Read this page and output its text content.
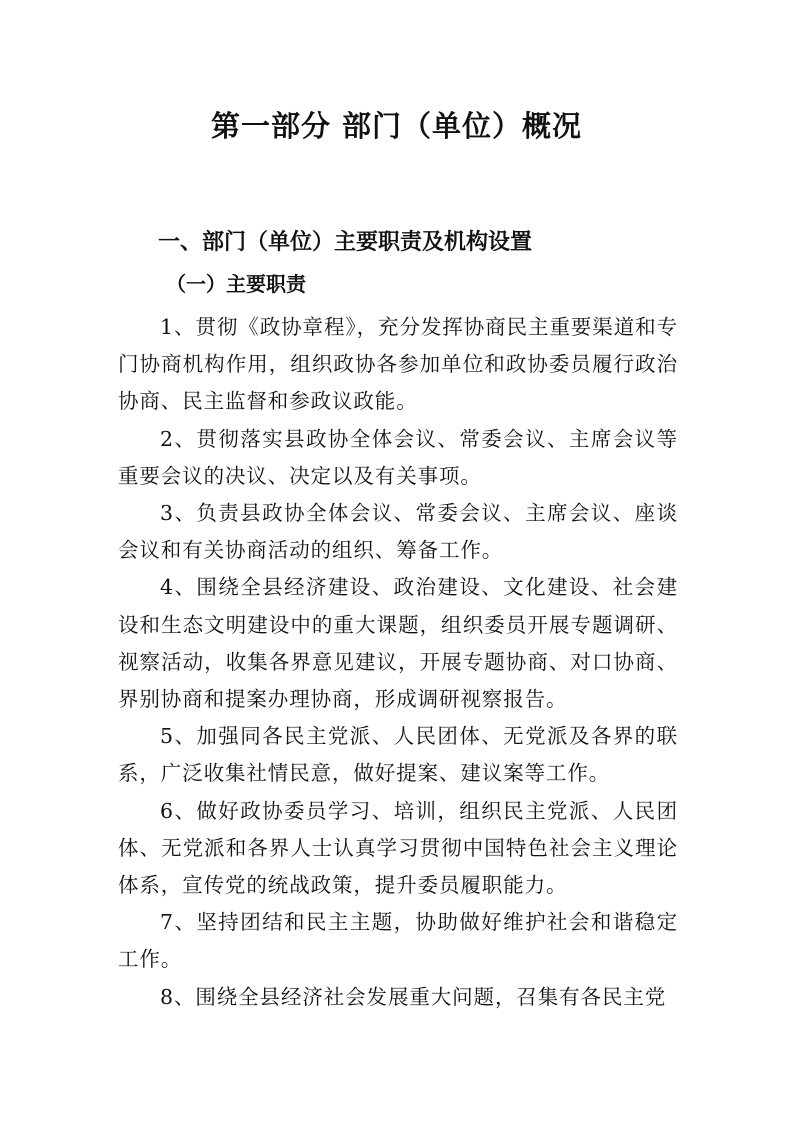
第一部分 部门（单位）概况
一、部门（单位）主要职责及机构设置
（一）主要职责

1、贯彻《政协章程》，充分发挥协商民主重要渠道和专门协商机构作用，组织政协各参加单位和政协委员履行政治协商、民主监督和参政议政能。

2、贯彻落实县政协全体会议、常委会议、主席会议等重要会议的决议、决定以及有关事项。

3、负责县政协全体会议、常委会议、主席会议、座谈会议和有关协商活动的组织、筹备工作。

4、围绕全县经济建设、政治建设、文化建设、社会建设和生态文明建设中的重大课题，组织委员开展专题调研、视察活动，收集各界意见建议，开展专题协商、对口协商、界别协商和提案办理协商，形成调研视察报告。

5、加强同各民主党派、人民团体、无党派及各界的联系，广泛收集社情民意，做好提案、建议案等工作。

6、做好政协委员学习、培训，组织民主党派、人民团体、无党派和各界人士认真学习贯彻中国特色社会主义理论体系，宣传党的统战政策，提升委员履职能力。

7、坚持团结和民主主题，协助做好维护社会和谐稳定工作。

8、围绕全县经济社会发展重大问题，召集有各民主党
